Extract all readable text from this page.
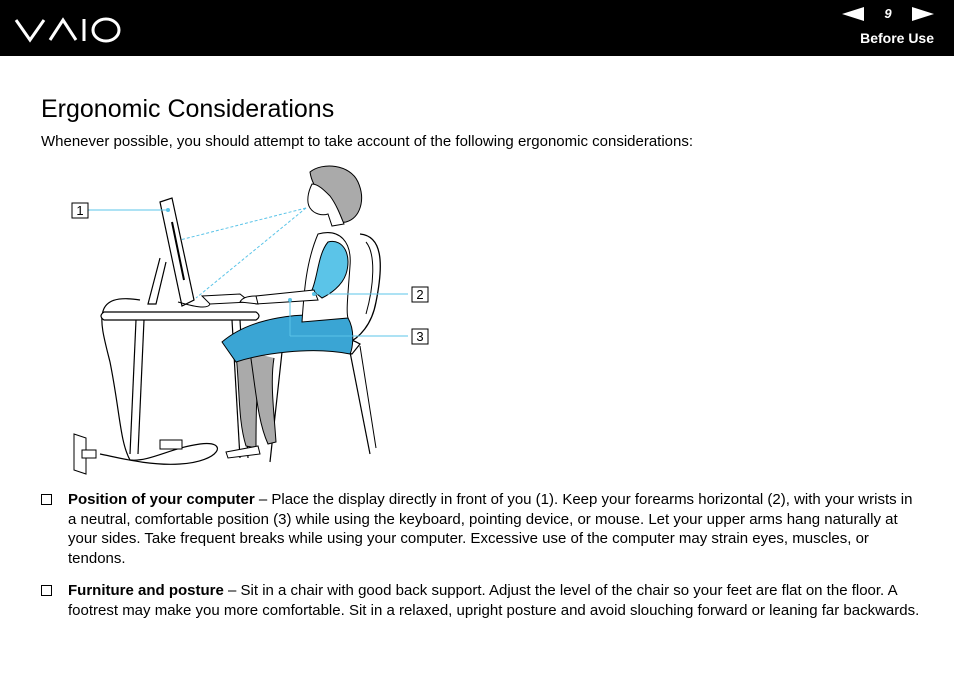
9
Before Use
Ergonomic Considerations

Whenever possible, you should attempt to take account of the following ergonomic considerations:

1
2
3
Position of your computer – Place the display directly in front of you (1). Keep your forearms horizontal (2), with your wrists in a neutral, comfortable position (3) while using the keyboard, pointing device, or mouse. Let your upper arms hang naturally at your sides. Take frequent breaks while using your computer. Excessive use of the computer may strain eyes, muscles, or tendons.
Furniture and posture – Sit in a chair with good back support. Adjust the level of the chair so your feet are flat on the floor. A footrest may make you more comfortable. Sit in a relaxed, upright posture and avoid slouching forward or leaning far backwards.
